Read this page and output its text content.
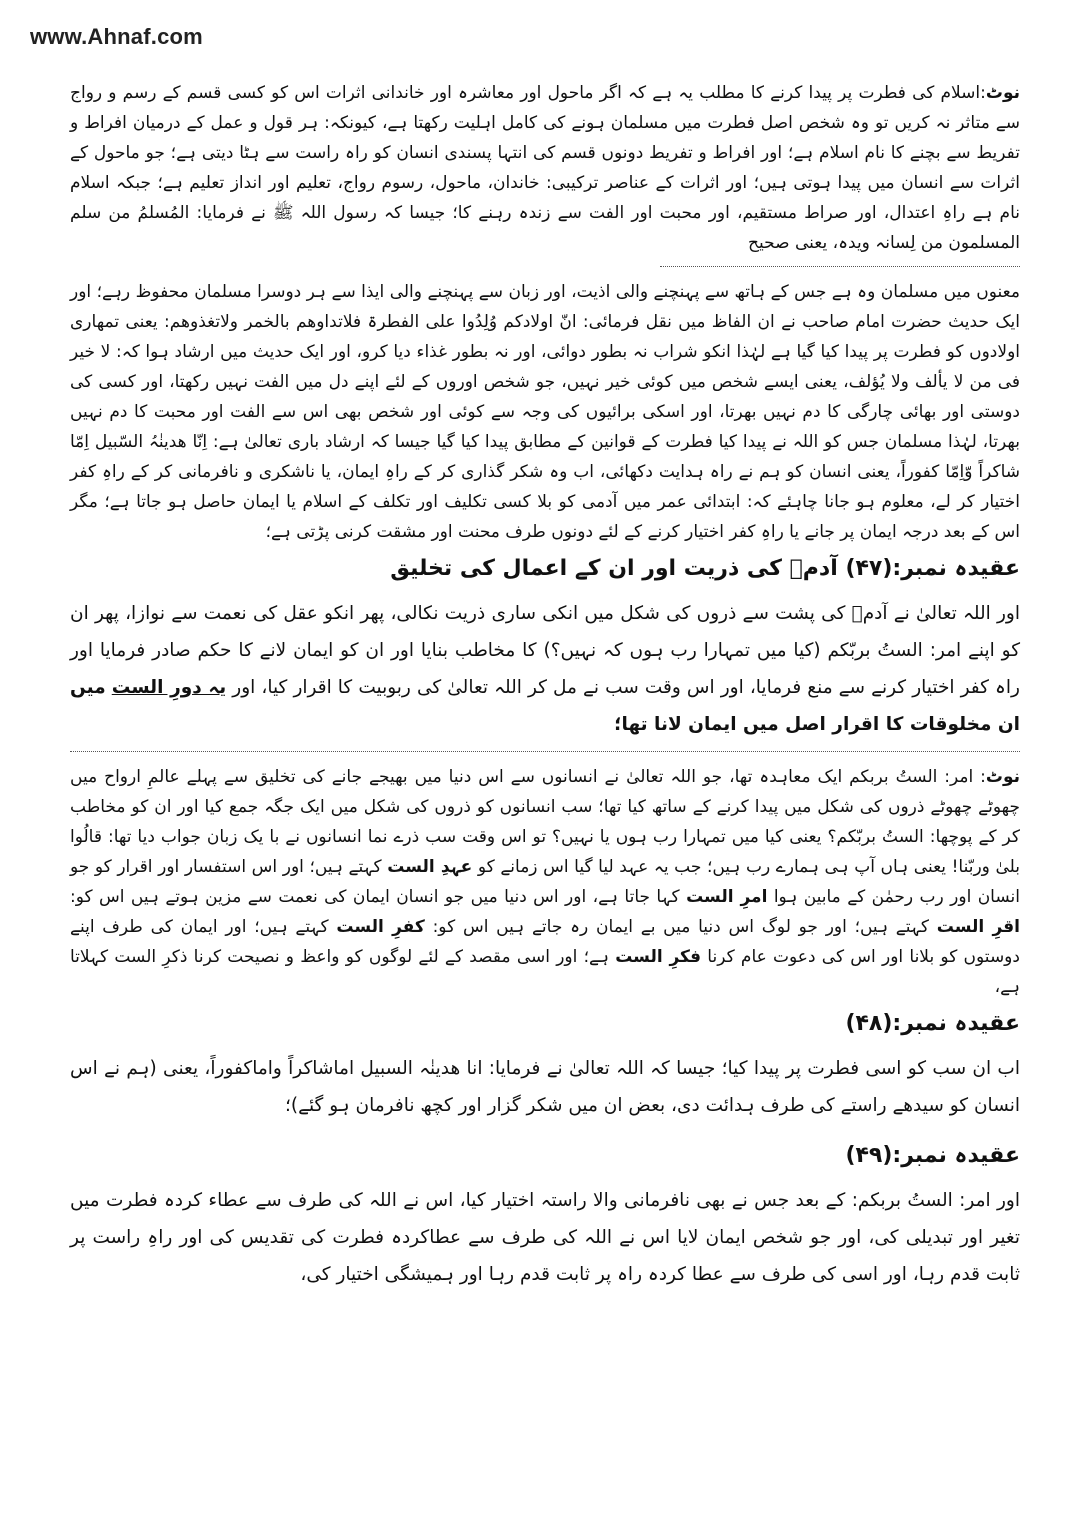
www.Ahnaf.com

نوٹ:اسلام کی فطرت پر پیدا کرنے کا مطلب یہ ہے کہ اگر ماحول اور معاشرہ اور خاندانی اثرات اس کو کسی قسم کے رسم و رواج سے متاثر نہ کریں تو وہ شخص اصل فطرت میں مسلمان ہونے کی کامل اہلیت رکھتا ہے، کیونکہ: ہر قول و عمل کے درمیان افراط و تفریط سے بچنے کا نام اسلام ہے؛ اور افراط و تفریط دونوں قسم کی انتہا پسندی انسان کو راہ راست سے ہٹا دیتی ہے؛ جو ماحول کے اثرات سے انسان میں پیدا ہوتی ہیں؛ اور اثرات کے عناصر ترکیبی: خاندان، ماحول، رسوم رواج، تعلیم اور انداز تعلیم ہے؛ جبکہ اسلام نام ہے راہِ اعتدال، اور صراط مستقیم، اور محبت اور الفت سے زندہ رہنے کا؛ جیسا کہ رسول اللہ ﷺ نے فرمایا: المُسلمُ من سلم المسلمون من لِسانہ ویدہ، یعنی صحیح

معنوں میں مسلمان وہ ہے جس کے ہاتھ سے پہنچنے والی اذیت، اور زبان سے پہنچنے والی ایذا سے ہر دوسرا مسلمان محفوظ رہے؛ اور ایک حدیث حضرت امام صاحب نے ان الفاظ میں نقل فرمائی: انّ اولادکم وُلِدُوا علی الفطرۃ فلاتداوھم بالخمر ولاتغذوھم: یعنی تمھاری اولادوں کو فطرت پر پیدا کیا گیا ہے لہٰذا انکو شراب نہ بطور دوائی، اور نہ بطور غذاء دیا کرو، اور ایک حدیث میں ارشاد ہوا کہ: لا خیر فی من لا یألف ولا یُؤلف، یعنی ایسے شخص میں کوئی خیر نہیں، جو شخص اوروں کے لئے اپنے دل میں الفت نہیں رکھتا، اور کسی کی دوستی اور بھائی چارگی کا دم نہیں بھرتا، اور اسکی برائیوں کی وجہ سے کوئی اور شخص بھی اس سے الفت اور محبت کا دم نہیں بھرتا، لہٰذا مسلمان جس کو اللہ نے پیدا کیا فطرت کے قوانین کے مطابق پیدا کیا گیا جیسا کہ ارشاد باری تعالیٰ ہے: اِنّا ھدینٰہُ السّبیل اِمّا شاکراً وّاِمّا کفوراً، یعنی انسان کو ہم نے راہ ہدایت دکھائی، اب وہ شکر گذاری کر کے راہِ ایمان، یا ناشکری و نافرمانی کر کے راہِ کفر اختیار کر لے، معلوم ہو جانا چاہئے کہ: ابتدائی عمر میں آدمی کو بلا کسی تکلیف اور تکلف کے اسلام یا ایمان حاصل ہو جاتا ہے؛ مگر اس کے بعد درجہ ایمان پر جانے یا راہِ کفر اختیار کرنے کے لئے دونوں طرف محنت اور مشقت کرنی پڑتی ہے؛

عقیدہ نمبر:(۴۷) آدمؑ کی ذریت اور ان کے اعمال کی تخلیق

اور اللہ تعالیٰ نے آدمؑ کی پشت سے ذروں کی شکل میں انکی ساری ذریت نکالی، پھر انکو عقل کی نعمت سے نوازا، پھر ان کو اپنے امر: الستُ بربّکم (کیا میں تمہارا رب ہوں کہ نہیں؟) کا مخاطب بنایا اور ان کو ایمان لانے کا حکم صادر فرمایا اور راہ کفر اختیار کرنے سے منع فرمایا، اور اس وقت سب نے مل کر اللہ تعالیٰ کی ربوبیت کا اقرار کیا، اور یہ دورِ الست میں ان مخلوقات کا اقرار اصل میں ایمان لانا تھا؛

نوٹ: امر: الستُ بربکم ایک معاہدہ تھا، جو اللہ تعالیٰ نے انسانوں سے اس دنیا میں بھیجے جانے کی تخلیق سے پہلے عالمِ ارواح میں چھوٹے چھوٹے ذروں کی شکل میں پیدا کرنے کے ساتھ کیا تھا؛ سب انسانوں کو ذروں کی شکل میں ایک جگہ جمع کیا اور ان کو مخاطب کر کے پوچھا: الستُ بربّکم؟ یعنی کیا میں تمہارا رب ہوں یا نہیں؟ تو اس وقت سب ذرے نما انسانوں نے با یک زبان جواب دیا تھا: قالُوا بلیٰ وربّنا! یعنی ہاں آپ ہی ہمارے رب ہیں؛ جب یہ عہد لیا گیا اس زمانے کو عہدِ الست کہتے ہیں؛ اور اس استفسار اور اقرار کو جو انسان اور رب رحمٰن کے مابین ہوا امرِ الست کہا جاتا ہے، اور اس دنیا میں جو انسان ایمان کی نعمت سے مزین ہوتے ہیں اس کو: اقرِ الست کہتے ہیں؛ اور جو لوگ اس دنیا میں بے ایمان رہ جاتے ہیں اس کو: کفرِ الست کہتے ہیں؛ اور ایمان کی طرف اپنے دوستوں کو بلانا اور اس کی دعوت عام کرنا فکرِ الست ہے؛ اور اسی مقصد کے لئے لوگوں کو واعظ و نصیحت کرنا ذکرِ الست کہلاتا ہے،

عقیدہ نمبر:(۴۸)

اب ان سب کو اسی فطرت پر پیدا کیا؛ جیسا کہ اللہ تعالیٰ نے فرمایا: انا ھدینٰہ السبیل اماشاکراً واماکفوراً، یعنی (ہم نے اس انسان کو سیدھے راستے کی طرف ہدائت دی، بعض ان میں شکر گزار اور کچھ نافرمان ہو گئے)؛

عقیدہ نمبر:(۴۹)

اور امر: الستُ بربکم: کے بعد جس نے بھی نافرمانی والا راستہ اختیار کیا، اس نے اللہ کی طرف سے عطاء کردہ فطرت میں تغیر اور تبدیلی کی، اور جو شخص ایمان لایا اس نے اللہ کی طرف سے عطاکردہ فطرت کی تقدیس کی اور راہِ راست پر ثابت قدم رہا، اور اسی کی طرف سے عطا کردہ راہ پر ثابت قدم رہا اور ہمیشگی اختیار کی،
